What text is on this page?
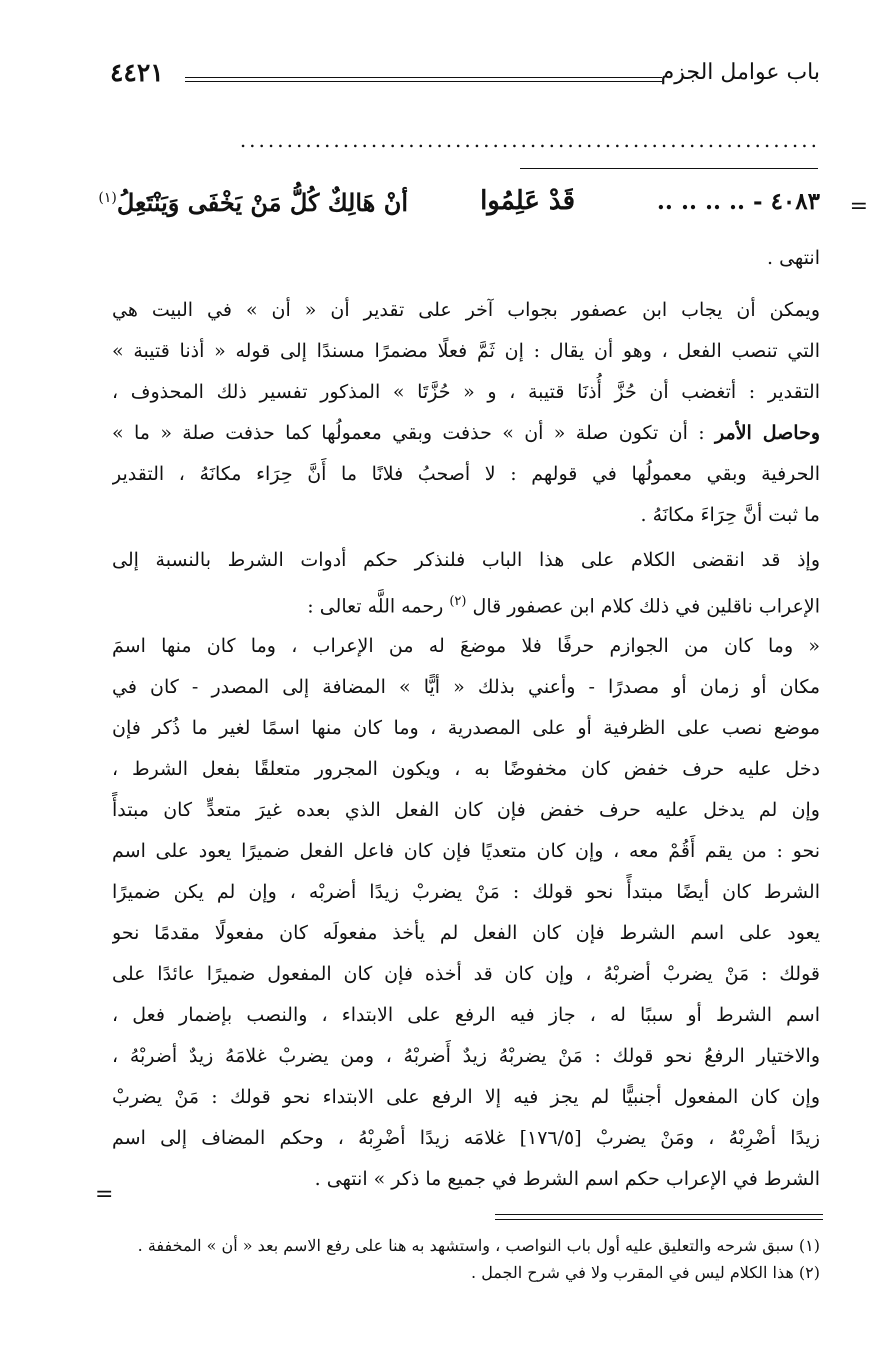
باب عوامل الجزم
٤٤٢١
..............................................................
=
٤٠٨٣ - .. .. .. ..
قَدْ عَلِمُوا
أنْ هَالِكٌ كُلُّ مَنْ يَخْفَى وَيَنْتَعِلُ$^{(١)}$
انتهى .
ويمكن أن يجاب ابن عصفور بجواب آخر على تقدير أن « أن » في البيت هي
التي تنصب الفعل ، وهو أن يقال : إن ثَمَّ فعلًا مضمرًا مسندًا إلى قوله « أذنا قتيبة »
التقدير : أتغضب أن حُزَّ أُذنَا قتيبة ، و « حُزَّتَا » المذكور تفسير ذلك المحذوف ،
وحاصل الأمر : أن تكون صلة « أن » حذفت وبقي معمولُها كما حذفت صلة « ما »
الحرفية وبقي معمولُها في قولهم : لا أصحبُ فلانًا ما أَنَّ حِرَاء مكانَهُ ، التقدير
ما ثبت أنَّ حِرَاءَ مكانَهُ .
وإذ قد انقضى الكلام على هذا الباب فلنذكر حكم أدوات الشرط بالنسبة إلى
الإعراب ناقلين في ذلك كلام ابن عصفور قال $^{(٢)}$ رحمه اللَّه تعالى :
« وما كان من الجوازم حرفًا فلا موضعَ له من الإعراب ، وما كان منها اسمَ
مكان أو زمان أو مصدرًا - وأعني بذلك « أيًّا » المضافة إلى المصدر - كان في
موضع نصب على الظرفية أو على المصدرية ، وما كان منها اسمًا لغير ما ذُكر فإن
دخل عليه حرف خفض كان مخفوضًا به ، ويكون المجرور متعلقًا بفعل الشرط ،
وإن لم يدخل عليه حرف خفض فإن كان الفعل الذي بعده غيرَ متعدٍّ كان مبتدأً
نحو : من يقم أَقُمْ معه ، وإن كان متعديًا فإن كان فاعل الفعل ضميرًا يعود على اسم
الشرط كان أيضًا مبتدأً نحو قولك : مَنْ يضربْ زيدًا أضربْه ، وإن لم يكن ضميرًا
يعود على اسم الشرط فإن كان الفعل لم يأخذ مفعولَه كان مفعولًا مقدمًا نحو
قولك : مَنْ يضربْ أضربْهُ ، وإن كان قد أخذه فإن كان المفعول ضميرًا عائدًا على
اسم الشرط أو سببًا له ، جاز فيه الرفع على الابتداء ، والنصب بإضمار فعل ،
والاختيار الرفعُ نحو قولك : مَنْ يضربْهُ زيدٌ أَضربْهُ ، ومن يضربْ غلامَهُ زيدٌ أضربْهُ ،
وإن كان المفعول أجنبيًّا لم يجز فيه إلا الرفع على الابتداء نحو قولك : مَنْ يضربْ
زيدًا أضْرِبْهُ ، ومَنْ يضربْ [١٧٦/٥] غلامَه زيدًا أضْرِبْهُ ، وحكم المضاف إلى اسم
الشرط في الإعراب حكم اسم الشرط في جميع ما ذكر » انتهى .
=
(١) سبق شرحه والتعليق عليه أول باب النواصب ، واستشهد به هنا على رفع الاسم بعد « أن » المخففة .
(٢) هذا الكلام ليس في المقرب ولا في شرح الجمل .
